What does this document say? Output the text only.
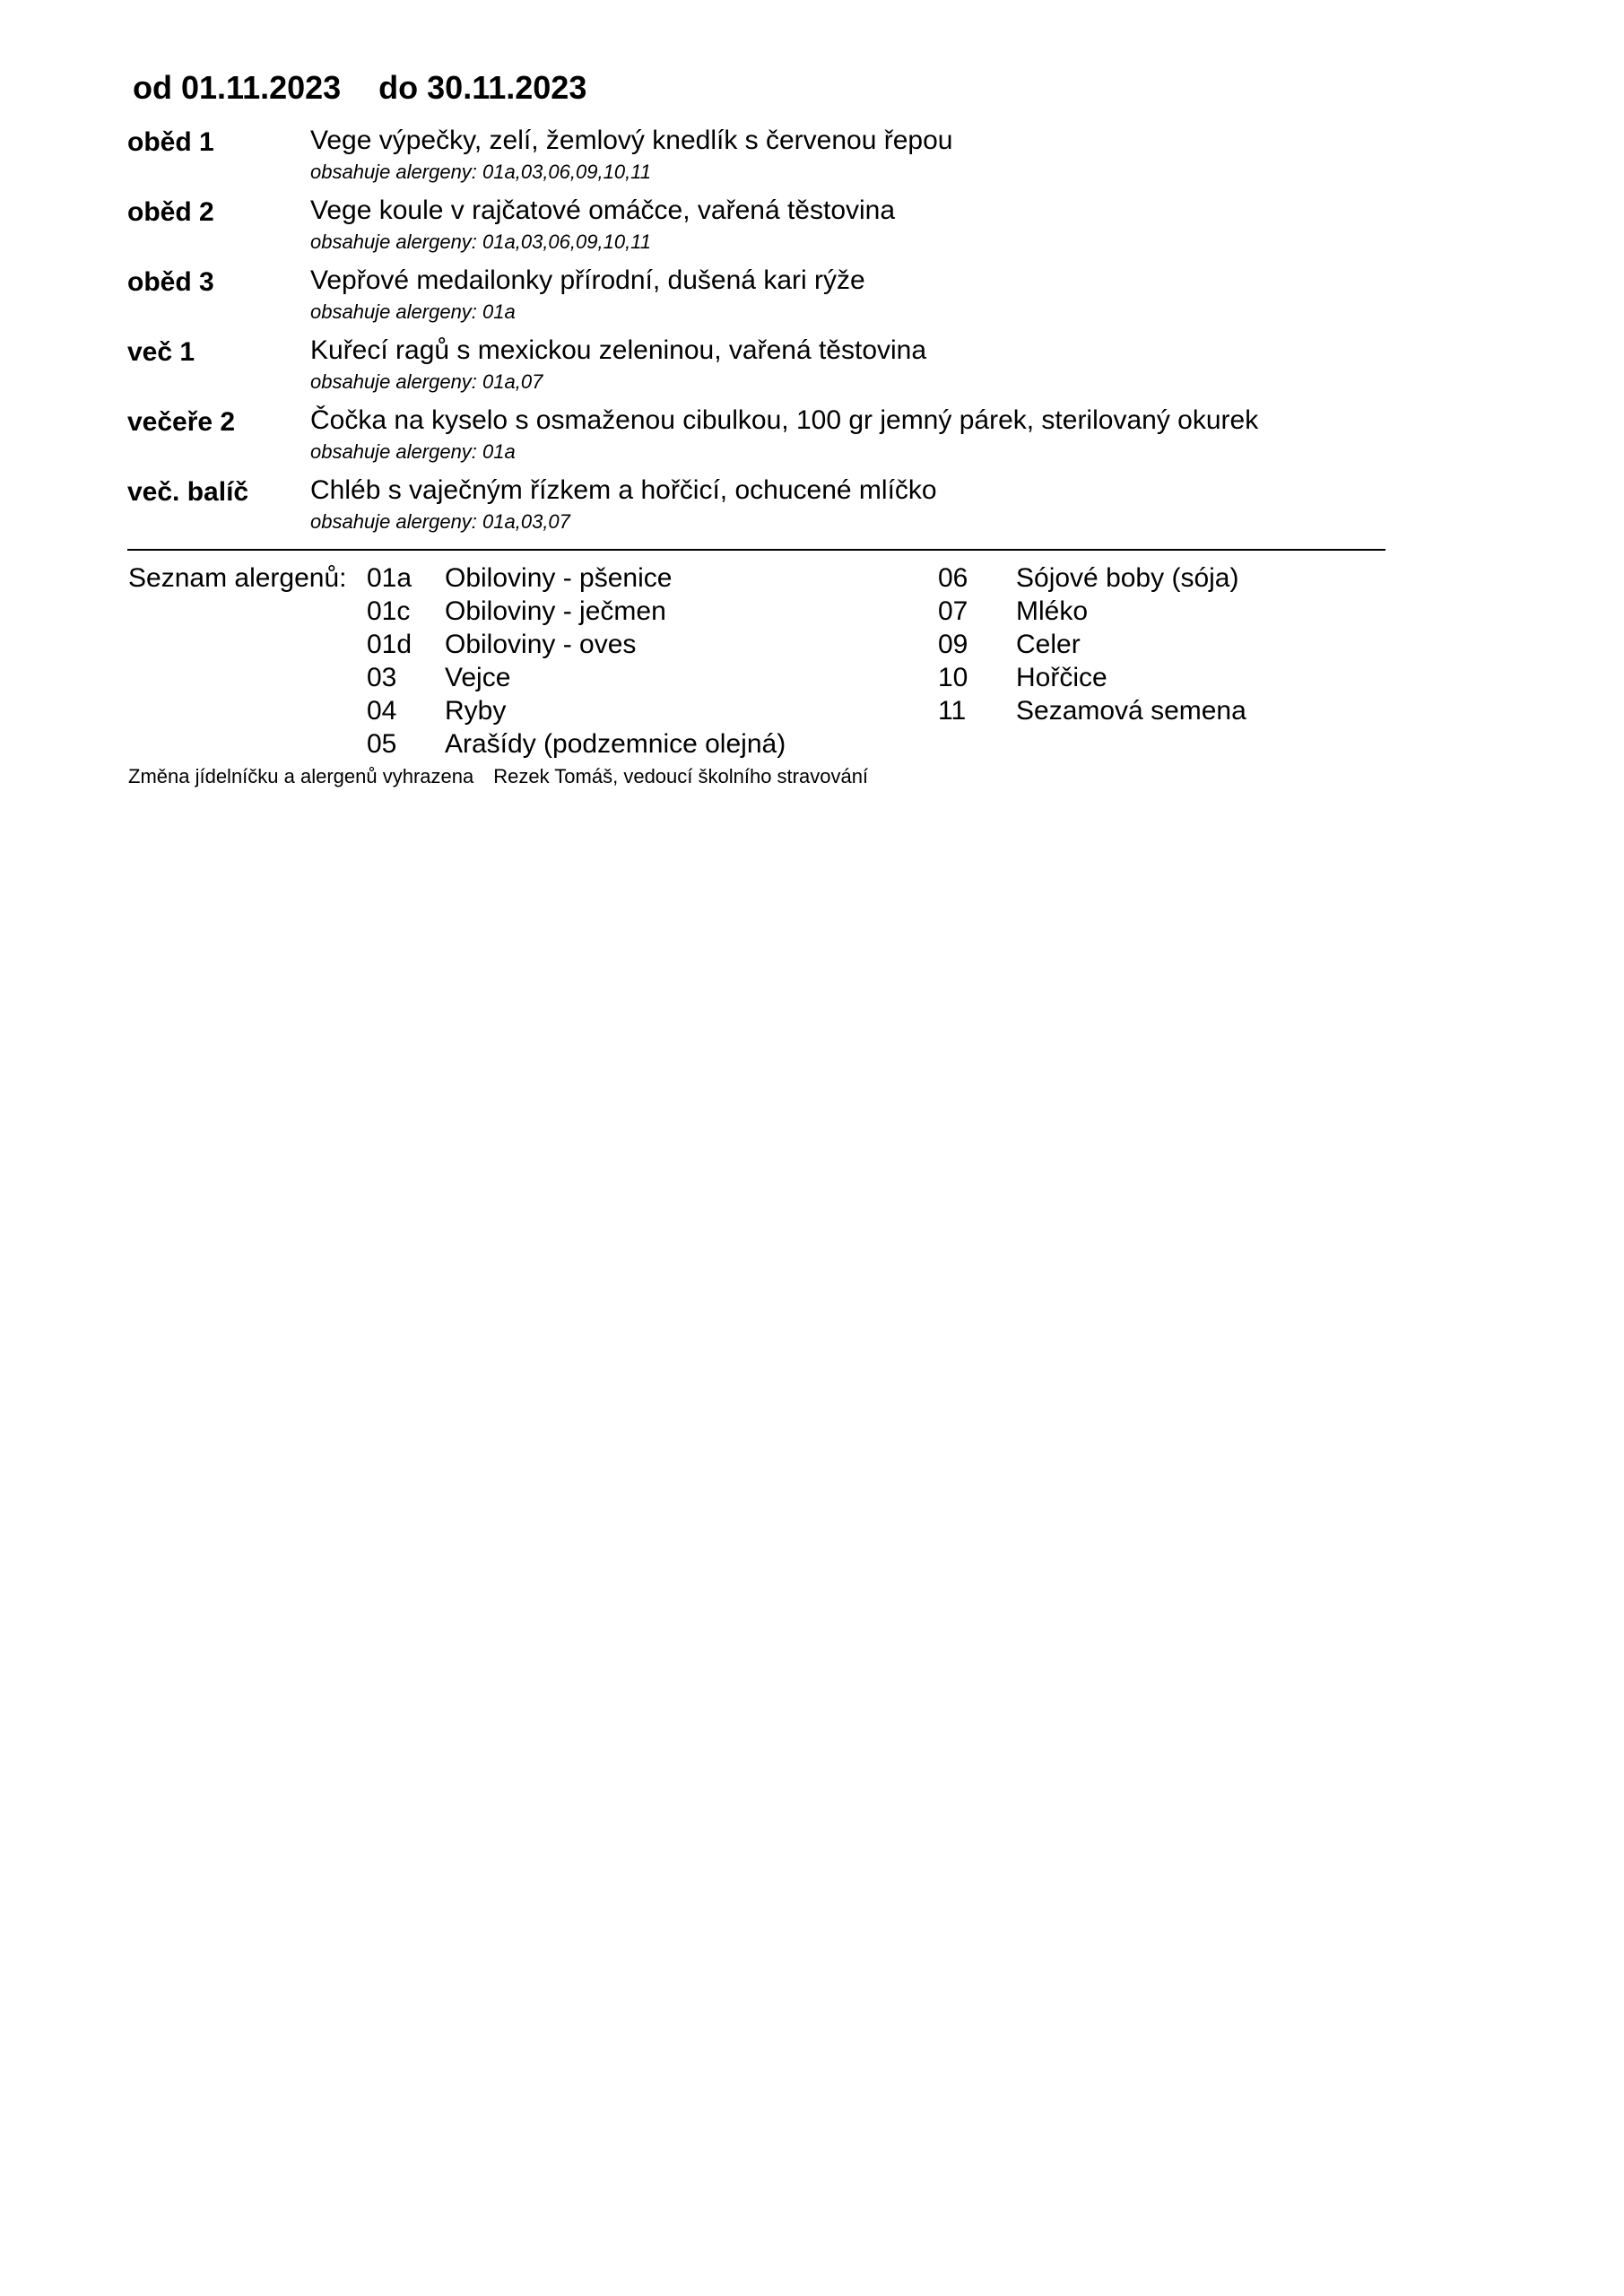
od 01.11.2023 do 30.11.2023
oběd 1	Vege výpečky, zelí, žemlový knedlík s červenou řepou
obsahuje alergeny: 01a,03,06,09,10,11
oběd 2	Vege koule v rajčatové omáčce, vařená těstovina
obsahuje alergeny: 01a,03,06,09,10,11
oběd 3	Vepřové medailonky přírodní, dušená kari rýže
obsahuje alergeny: 01a
več 1	Kuřecí ragů s mexickou zeleninou, vařená těstovina
obsahuje alergeny: 01a,07
večeře 2	Čočka na kyselo s osmaženou cibulkou, 100 gr jemný párek, sterilovaný okurek
obsahuje alergeny: 01a
več. balíč Chléb s vaječným řízkem a hořčicí, ochucené mlíčko
obsahuje alergeny: 01a,03,07
Seznam alergenů: 01a Obiloviny - pšenice
01c Obiloviny - ječmen
01d Obiloviny - oves
03 Vejce
04 Ryby
05 Arašídy (podzemnice olejná)
06 Sójové boby (sója)
07 Mléko
09 Celer
10 Hořčice
11 Sezamová semena
Změna jídelníčku a alergenů vyhrazena Rezek Tomáš, vedoucí školního stravování
